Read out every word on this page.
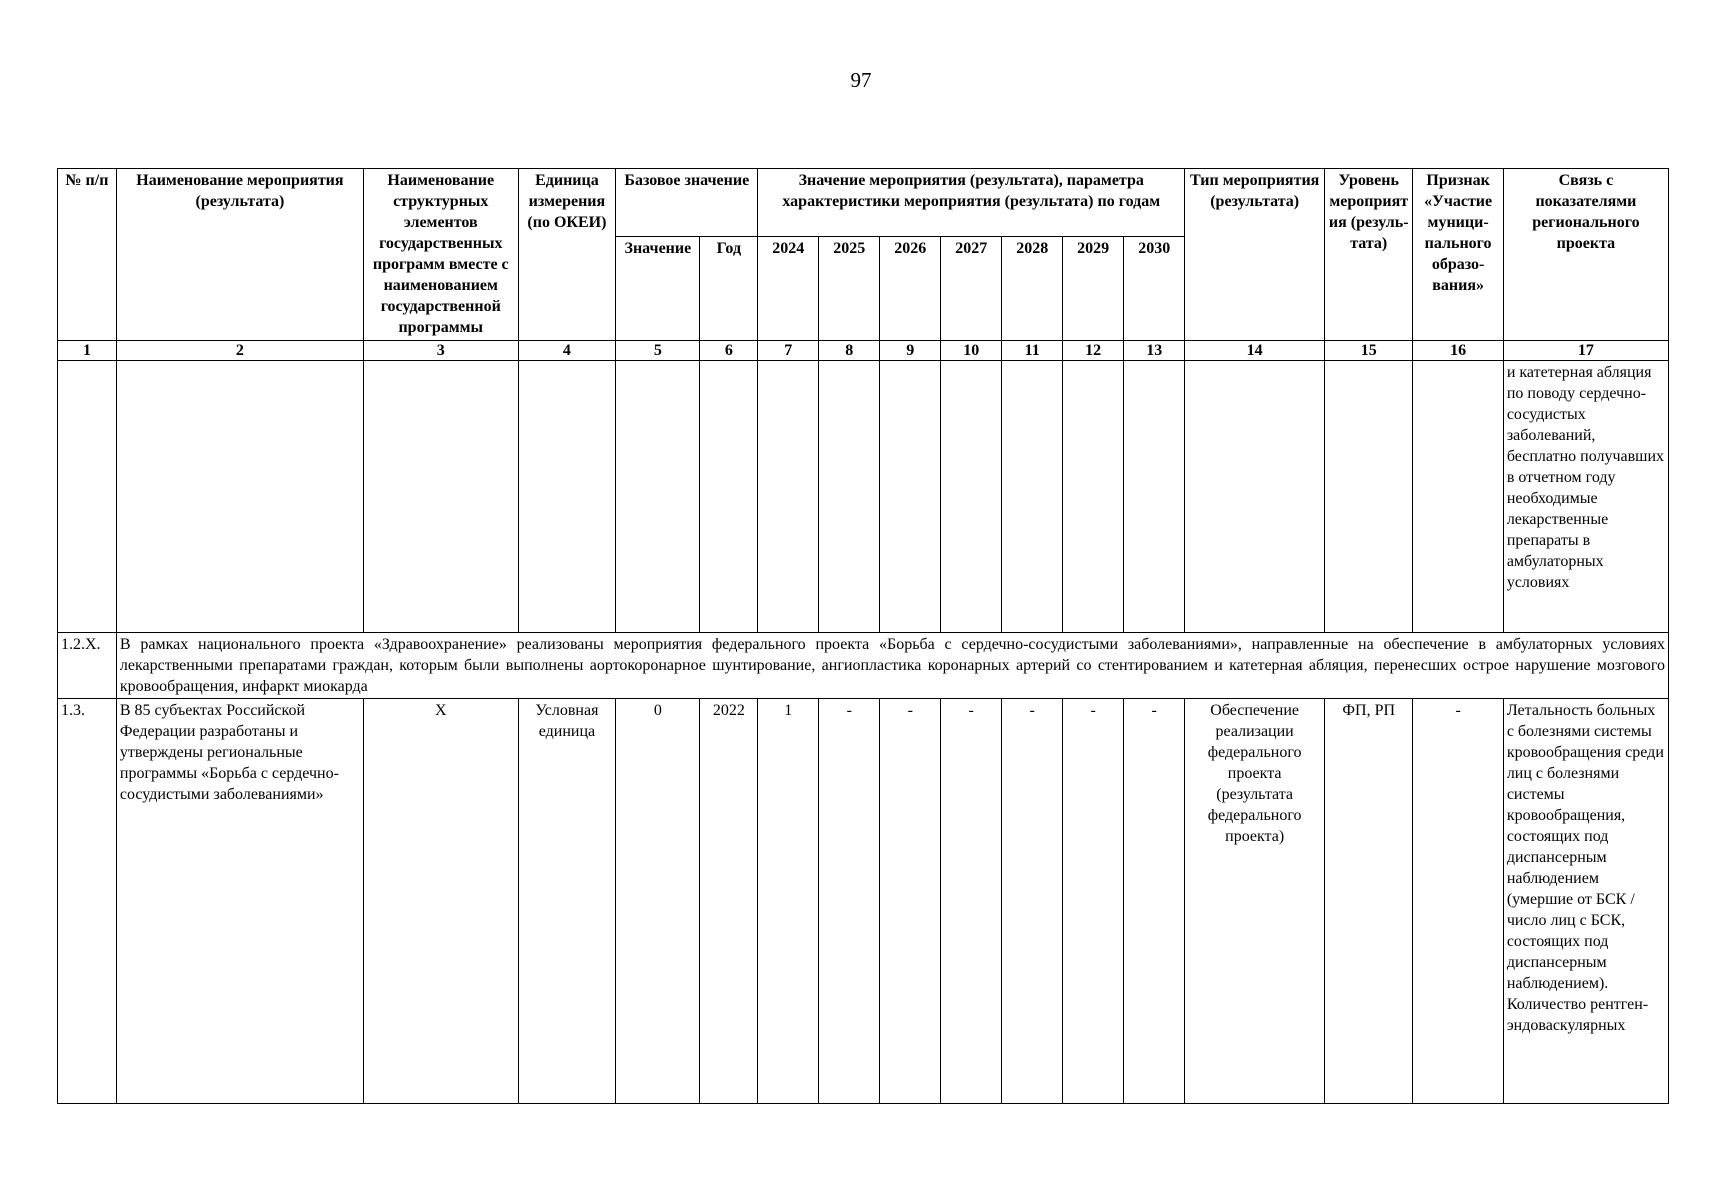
97
№ п/п	Наименование мероприятия (результата)	Наименование структурных элементов государственных программ вместе с наименованием государственной программы	Единица измерения (по ОКЕИ)	Базовое значение		Значение мероприятия (результата), параметра характеристики мероприятия (результата) по годам							Тип мероприятия (результата)	Уровень мероприятия (резуль-тата)	Признак «Участие муници-пального образо-вания»	Связь с показателями регионального проекта
				Значение	Год	2024	2025	2026	2027	2028	2029	2030				
1	2	3	4	5	6	7	8	9	10	11	12	13	14	15	16	17
																и катетерная абляция по поводу сердечно-сосудистых заболеваний, бесплатно получавших в отчетном году необходимые лекарственные препараты в амбулаторных условиях
1.2.X.	В рамках национального проекта «Здравоохранение» реализованы мероприятия федерального проекта «Борьба с сердечно-сосудистыми заболеваниями», направленные на обеспечение в амбулаторных условиях лекарственными препаратами граждан, которым были выполнены аортокоронарное шунтирование, ангиопластика коронарных артерий со стентированием и катетерная абляция, перенесших острое нарушение мозгового кровообращения, инфаркт миокарда															
1.3.	В 85 субъектах Российской Федерации разработаны и утверждены региональные программы «Борьба с сердечно-сосудистыми заболеваниями»	X	Условная единица	0	2022	1	-	-	-	-	-	-	Обеспечение реализации федерального проекта (результата федерального проекта)	ФП, РП	-	Летальность больных с болезнями системы кровообращения среди лиц с болезнями системы кровообращения, состоящих под диспансерным наблюдением (умершие от БСК / число лиц с БСК, состоящих под диспансерным наблюдением). Количество рентген-эндоваскулярных
